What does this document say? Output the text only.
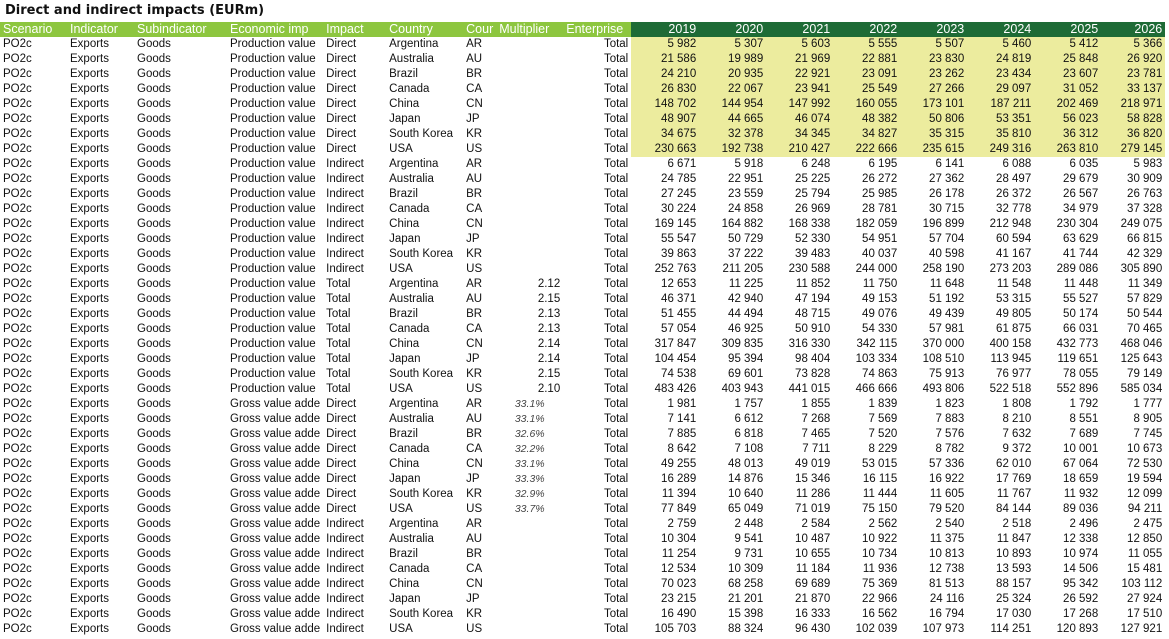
Direct and indirect impacts (EURm)
Scenario	Indicator	Subindicator	Economic imp	Impact	Country	Cour	Multiplier	Enterprise	2019	2020	2021	2022	2023	2024	2025	2026
PO2c	Exports	Goods	Production value	Direct	Argentina	AR		Total	5 982	5 307	5 603	5 555	5 507	5 460	5 412	5 366
PO2c	Exports	Goods	Production value	Direct	Australia	AU		Total	21 586	19 989	21 969	22 881	23 830	24 819	25 848	26 920
PO2c	Exports	Goods	Production value	Direct	Brazil	BR		Total	24 210	20 935	22 921	23 091	23 262	23 434	23 607	23 781
PO2c	Exports	Goods	Production value	Direct	Canada	CA		Total	26 830	22 067	23 941	25 549	27 266	29 097	31 052	33 137
PO2c	Exports	Goods	Production value	Direct	China	CN		Total	148 702	144 954	147 992	160 055	173 101	187 211	202 469	218 971
PO2c	Exports	Goods	Production value	Direct	Japan	JP		Total	48 907	44 665	46 074	48 382	50 806	53 351	56 023	58 828
PO2c	Exports	Goods	Production value	Direct	South Korea	KR		Total	34 675	32 378	34 345	34 827	35 315	35 810	36 312	36 820
PO2c	Exports	Goods	Production value	Direct	USA	US		Total	230 663	192 738	210 427	222 666	235 615	249 316	263 810	279 145
PO2c	Exports	Goods	Production value	Indirect	Argentina	AR		Total	6 671	5 918	6 248	6 195	6 141	6 088	6 035	5 983
PO2c	Exports	Goods	Production value	Indirect	Australia	AU		Total	24 785	22 951	25 225	26 272	27 362	28 497	29 679	30 909
PO2c	Exports	Goods	Production value	Indirect	Brazil	BR		Total	27 245	23 559	25 794	25 985	26 178	26 372	26 567	26 763
PO2c	Exports	Goods	Production value	Indirect	Canada	CA		Total	30 224	24 858	26 969	28 781	30 715	32 778	34 979	37 328
PO2c	Exports	Goods	Production value	Indirect	China	CN		Total	169 145	164 882	168 338	182 059	196 899	212 948	230 304	249 075
PO2c	Exports	Goods	Production value	Indirect	Japan	JP		Total	55 547	50 729	52 330	54 951	57 704	60 594	63 629	66 815
PO2c	Exports	Goods	Production value	Indirect	South Korea	KR		Total	39 863	37 222	39 483	40 037	40 598	41 167	41 744	42 329
PO2c	Exports	Goods	Production value	Indirect	USA	US		Total	252 763	211 205	230 588	244 000	258 190	273 203	289 086	305 890
PO2c	Exports	Goods	Production value	Total	Argentina	AR	2.12	Total	12 653	11 225	11 852	11 750	11 648	11 548	11 448	11 349
PO2c	Exports	Goods	Production value	Total	Australia	AU	2.15	Total	46 371	42 940	47 194	49 153	51 192	53 315	55 527	57 829
PO2c	Exports	Goods	Production value	Total	Brazil	BR	2.13	Total	51 455	44 494	48 715	49 076	49 439	49 805	50 174	50 544
PO2c	Exports	Goods	Production value	Total	Canada	CA	2.13	Total	57 054	46 925	50 910	54 330	57 981	61 875	66 031	70 465
PO2c	Exports	Goods	Production value	Total	China	CN	2.14	Total	317 847	309 835	316 330	342 115	370 000	400 158	432 773	468 046
PO2c	Exports	Goods	Production value	Total	Japan	JP	2.14	Total	104 454	95 394	98 404	103 334	108 510	113 945	119 651	125 643
PO2c	Exports	Goods	Production value	Total	South Korea	KR	2.15	Total	74 538	69 601	73 828	74 863	75 913	76 977	78 055	79 149
PO2c	Exports	Goods	Production value	Total	USA	US	2.10	Total	483 426	403 943	441 015	466 666	493 806	522 518	552 896	585 034
PO2c	Exports	Goods	Gross value adde	Direct	Argentina	AR	33.1%	Total	1 981	1 757	1 855	1 839	1 823	1 808	1 792	1 777
PO2c	Exports	Goods	Gross value adde	Direct	Australia	AU	33.1%	Total	7 141	6 612	7 268	7 569	7 883	8 210	8 551	8 905
PO2c	Exports	Goods	Gross value adde	Direct	Brazil	BR	32.6%	Total	7 885	6 818	7 465	7 520	7 576	7 632	7 689	7 745
PO2c	Exports	Goods	Gross value adde	Direct	Canada	CA	32.2%	Total	8 642	7 108	7 711	8 229	8 782	9 372	10 001	10 673
PO2c	Exports	Goods	Gross value adde	Direct	China	CN	33.1%	Total	49 255	48 013	49 019	53 015	57 336	62 010	67 064	72 530
PO2c	Exports	Goods	Gross value adde	Direct	Japan	JP	33.3%	Total	16 289	14 876	15 346	16 115	16 922	17 769	18 659	19 594
PO2c	Exports	Goods	Gross value adde	Direct	South Korea	KR	32.9%	Total	11 394	10 640	11 286	11 444	11 605	11 767	11 932	12 099
PO2c	Exports	Goods	Gross value adde	Direct	USA	US	33.7%	Total	77 849	65 049	71 019	75 150	79 520	84 144	89 036	94 211
PO2c	Exports	Goods	Gross value adde	Indirect	Argentina	AR		Total	2 759	2 448	2 584	2 562	2 540	2 518	2 496	2 475
PO2c	Exports	Goods	Gross value adde	Indirect	Australia	AU		Total	10 304	9 541	10 487	10 922	11 375	11 847	12 338	12 850
PO2c	Exports	Goods	Gross value adde	Indirect	Brazil	BR		Total	11 254	9 731	10 655	10 734	10 813	10 893	10 974	11 055
PO2c	Exports	Goods	Gross value adde	Indirect	Canada	CA		Total	12 534	10 309	11 184	11 936	12 738	13 593	14 506	15 481
PO2c	Exports	Goods	Gross value adde	Indirect	China	CN		Total	70 023	68 258	69 689	75 369	81 513	88 157	95 342	103 112
PO2c	Exports	Goods	Gross value adde	Indirect	Japan	JP		Total	23 215	21 201	21 870	22 966	24 116	25 324	26 592	27 924
PO2c	Exports	Goods	Gross value adde	Indirect	South Korea	KR		Total	16 490	15 398	16 333	16 562	16 794	17 030	17 268	17 510
PO2c	Exports	Goods	Gross value adde	Indirect	USA	US		Total	105 703	88 324	96 430	102 039	107 973	114 251	120 893	127 921
